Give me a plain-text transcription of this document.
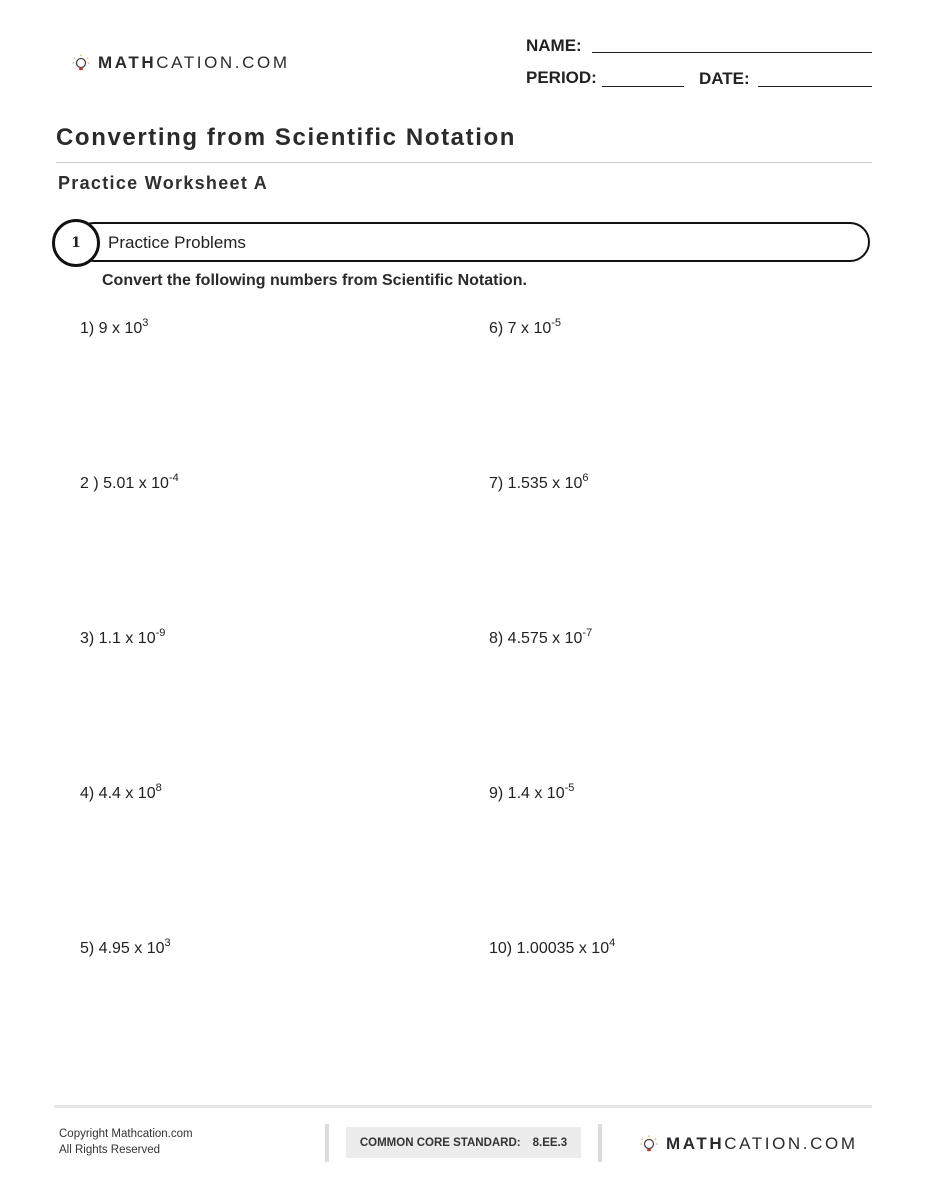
MATHCATION.COM
NAME:
PERIOD:	DATE:
Converting from Scientific Notation
Practice Worksheet A
1	Practice Problems
Convert the following numbers from Scientific Notation.
1) 9 x $10^3$
2 ) 5.01 x $10^{-4}$
3) 1.1 x $10^{-9}$
4) 4.4 x $10^8$
5) 4.95 x $10^3$
6) 7 x $10^{-5}$
7) 1.535 x $10^6$
8) 4.575 x $10^{-7}$
9) 1.4 x $10^{-5}$
10) 1.00035 x $10^4$
Copyright Mathcation.com
All Rights Reserved
COMMON CORE STANDARD: 8.EE.3	MATHCATION.COM
